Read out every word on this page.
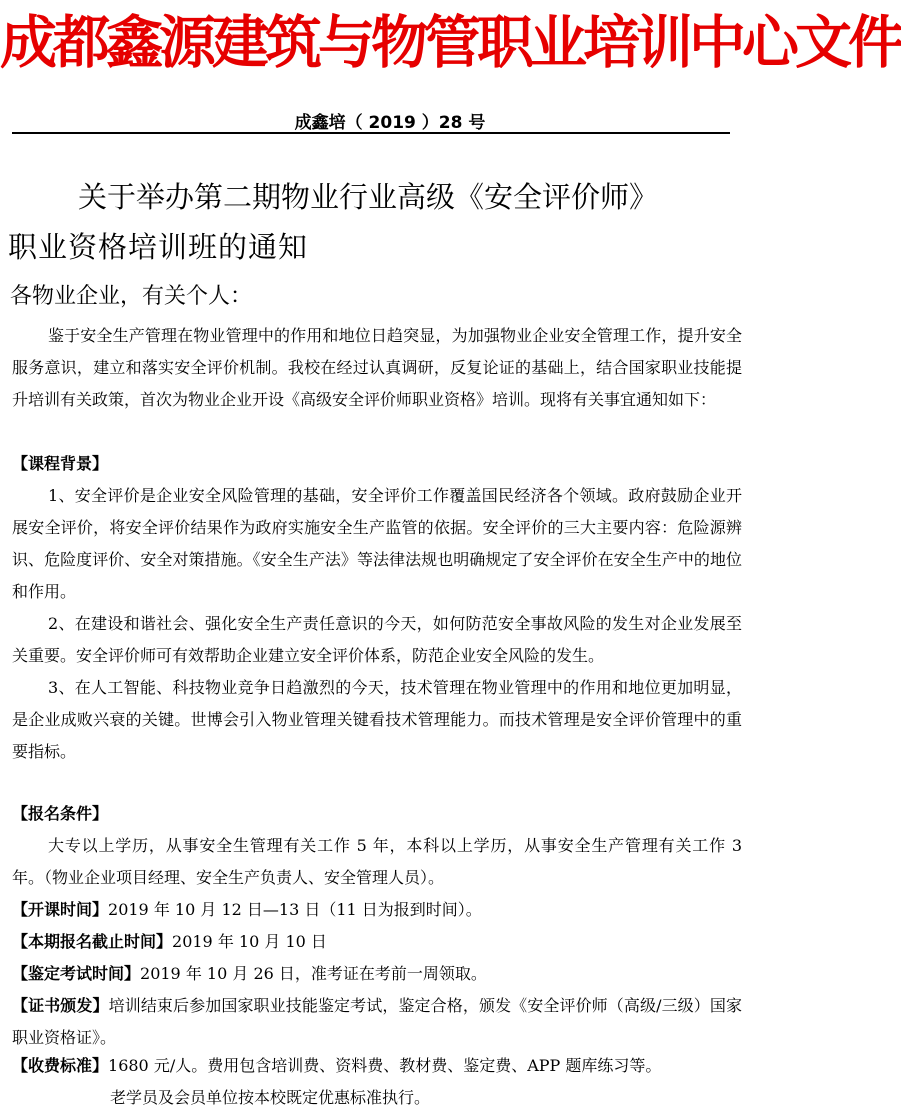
成都鑫源建筑与物管职业培训中心文件
成鑫培（ 2019 ）28 号
关于举办第二期物业行业高级《安全评价师》
职业资格培训班的通知
各物业企业，有关个人：

鉴于安全生产管理在物业管理中的作用和地位日趋突显，为加强物业企业安全管理工作，提升安全服务意识，建立和落实安全评价机制。我校在经过认真调研，反复论证的基础上，结合国家职业技能提升培训有关政策，首次为物业企业开设《高级安全评价师职业资格》培训。现将有关事宜通知如下：

【课程背景】

1、安全评价是企业安全风险管理的基础，安全评价工作覆盖国民经济各个领域。政府鼓励企业开展安全评价，将安全评价结果作为政府实施安全生产监管的依据。安全评价的三大主要内容：危险源辨识、危险度评价、安全对策措施。《安全生产法》等法律法规也明确规定了安全评价在安全生产中的地位和作用。

2、在建设和谐社会、强化安全生产责任意识的今天，如何防范安全事故风险的发生对企业发展至关重要。安全评价师可有效帮助企业建立安全评价体系，防范企业安全风险的发生。

3、在人工智能、科技物业竞争日趋激烈的今天，技术管理在物业管理中的作用和地位更加明显，是企业成败兴衰的关键。世博会引入物业管理关键看技术管理能力。而技术管理是安全评价管理中的重要指标。

【报名条件】

大专以上学历，从事安全生管理有关工作 5 年，本科以上学历，从事安全生产管理有关工作 3 年。（物业企业项目经理、安全生产负责人、安全管理人员）。

【开课时间】2019 年 10 月 12 日—13 日（11 日为报到时间）。
【本期报名截止时间】2019 年 10 月 10 日
【鉴定考试时间】2019 年 10 月 26 日，准考证在考前一周领取。
【证书颁发】培训结束后参加国家职业技能鉴定考试，鉴定合格，颁发《安全评价师（高级/三级）国家职业资格证》。
【收费标准】1680 元/人。费用包含培训费、资料费、教材费、鉴定费、APP 题库练习等。
老学员及会员单位按本校既定优惠标准执行。
